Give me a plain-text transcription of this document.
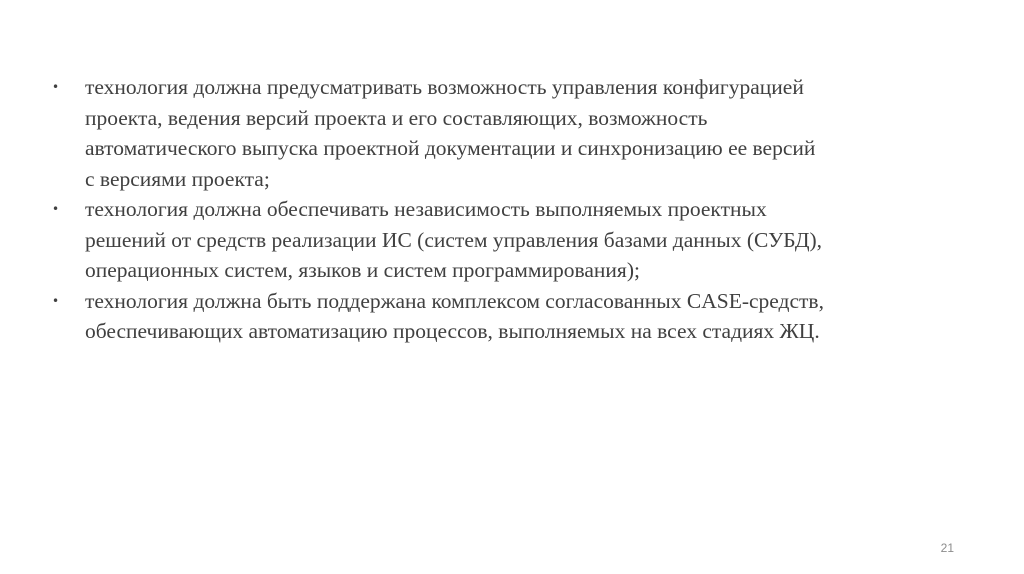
•	технология должна предусматривать возможность управления конфигурацией
проекта, ведения версий проекта и его составляющих, возможность
автоматического выпуска проектной документации и синхронизацию ее версий
с версиями проекта;
•	технология должна обеспечивать независимость выполняемых проектных
решений от средств реализации ИС (систем управления базами данных (СУБД),
операционных систем, языков и систем программирования);
•	технология должна быть поддержана комплексом согласованных CASE-средств,
обеспечивающих автоматизацию процессов, выполняемых на всех стадиях ЖЦ.
21
